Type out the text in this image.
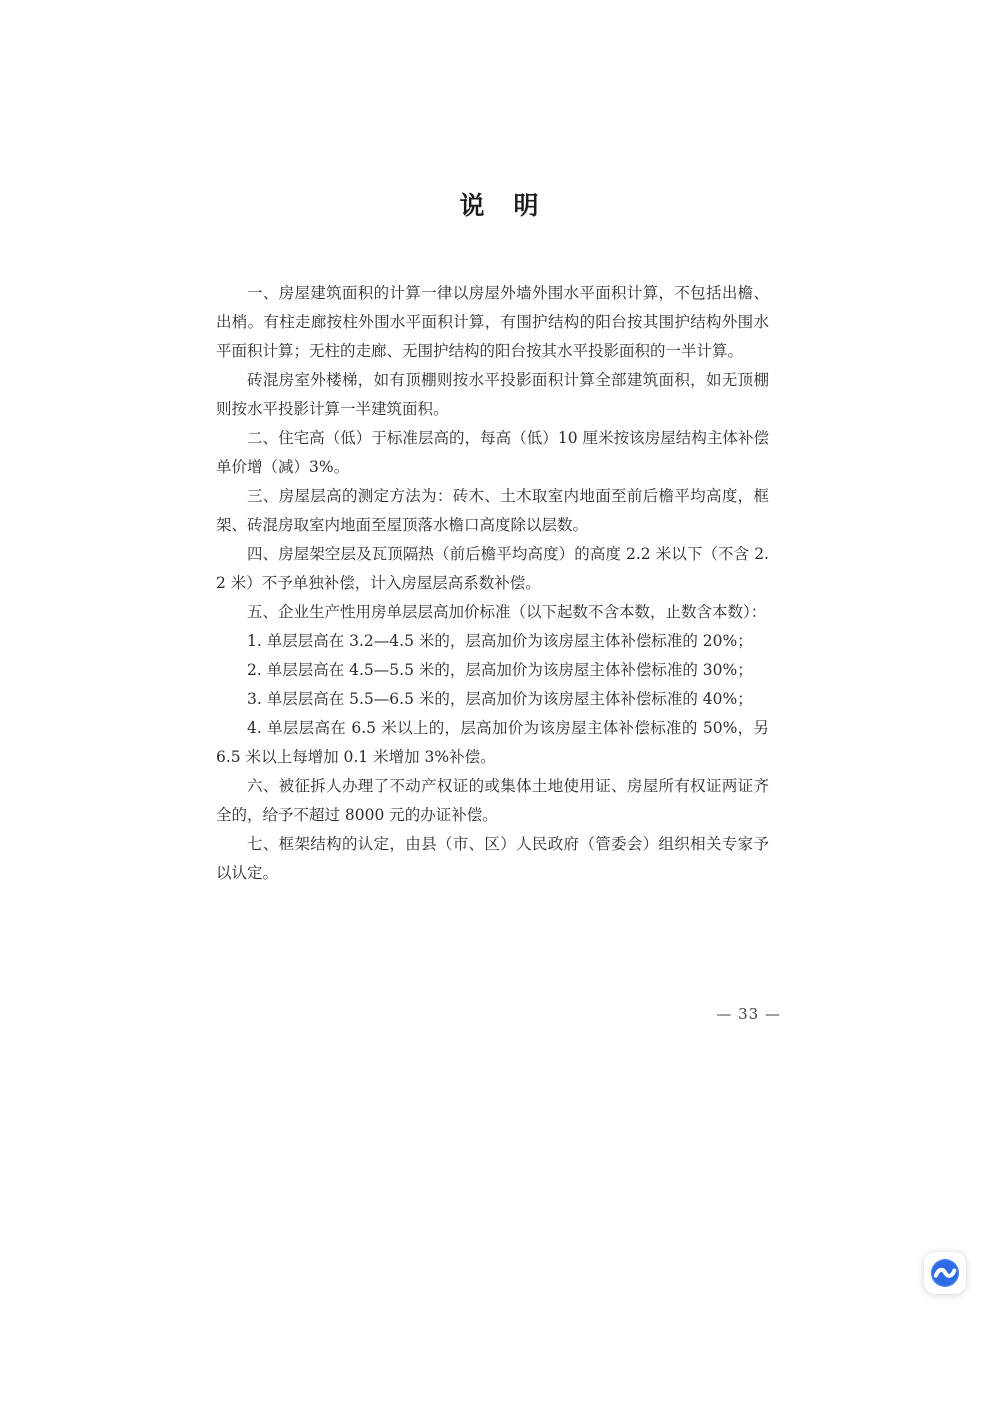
说　明

一、房屋建筑面积的计算一律以房屋外墙外围水平面积计算，不包括出檐、出梢。有柱走廊按柱外围水平面积计算，有围护结构的阳台按其围护结构外围水平面积计算；无柱的走廊、无围护结构的阳台按其水平投影面积的一半计算。

砖混房室外楼梯，如有顶棚则按水平投影面积计算全部建筑面积，如无顶棚则按水平投影计算一半建筑面积。

二、住宅高（低）于标准层高的，每高（低）10 厘米按该房屋结构主体补偿单价增（减）3%。

三、房屋层高的测定方法为：砖木、土木取室内地面至前后檐平均高度，框架、砖混房取室内地面至屋顶落水檐口高度除以层数。

四、房屋架空层及瓦顶隔热（前后檐平均高度）的高度 2.2 米以下（不含 2.2 米）不予单独补偿，计入房屋层高系数补偿。

五、企业生产性用房单层层高加价标准（以下起数不含本数，止数含本数）：

1. 单层层高在 3.2—4.5 米的，层高加价为该房屋主体补偿标准的 20%；

2. 单层层高在 4.5—5.5 米的，层高加价为该房屋主体补偿标准的 30%；

3. 单层层高在 5.5—6.5 米的，层高加价为该房屋主体补偿标准的 40%；

4. 单层层高在 6.5 米以上的，层高加价为该房屋主体补偿标准的 50%，另 6.5 米以上每增加 0.1 米增加 3%补偿。

六、被征拆人办理了不动产权证的或集体土地使用证、房屋所有权证两证齐全的，给予不超过 8000 元的办证补偿。

七、框架结构的认定，由县（市、区）人民政府（管委会）组织相关专家予以认定。

— 33 —
